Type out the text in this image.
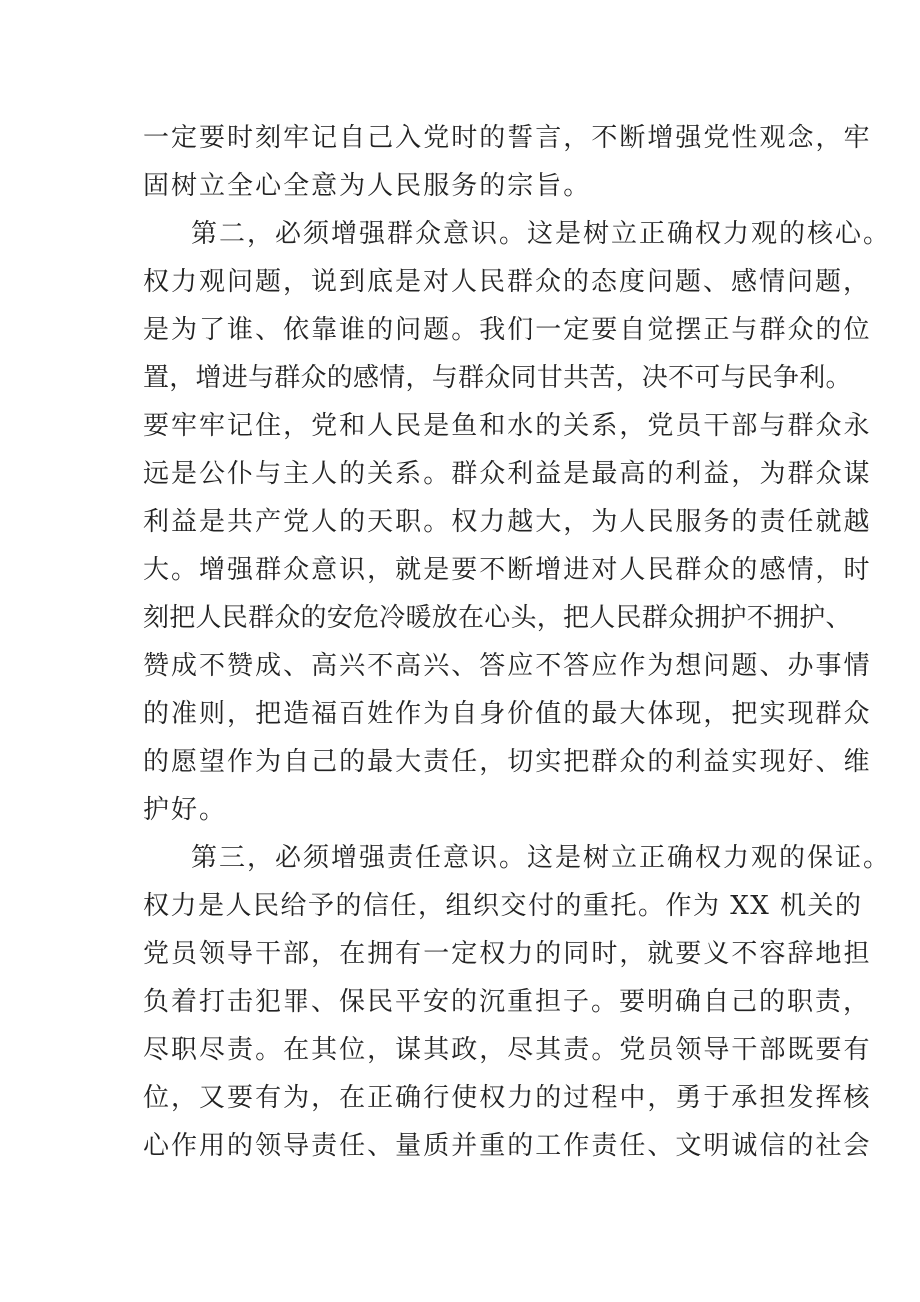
一定要时刻牢记自己入党时的誓言，不断增强党性观念，牢
固树立全心全意为人民服务的宗旨。
第二，必须增强群众意识。这是树立正确权力观的核心。
权力观问题，说到底是对人民群众的态度问题、感情问题，
是为了谁、依靠谁的问题。我们一定要自觉摆正与群众的位
置，增进与群众的感情，与群众同甘共苦，决不可与民争利。
要牢牢记住，党和人民是鱼和水的关系，党员干部与群众永
远是公仆与主人的关系。群众利益是最高的利益，为群众谋
利益是共产党人的天职。权力越大，为人民服务的责任就越
大。增强群众意识，就是要不断增进对人民群众的感情，时
刻把人民群众的安危冷暖放在心头，把人民群众拥护不拥护、
赞成不赞成、高兴不高兴、答应不答应作为想问题、办事情
的准则，把造福百姓作为自身价值的最大体现，把实现群众
的愿望作为自己的最大责任，切实把群众的利益实现好、维
护好。
第三，必须增强责任意识。这是树立正确权力观的保证。
权力是人民给予的信任，组织交付的重托。作为 XX 机关的
党员领导干部，在拥有一定权力的同时，就要义不容辞地担
负着打击犯罪、保民平安的沉重担子。要明确自己的职责，
尽职尽责。在其位，谋其政，尽其责。党员领导干部既要有
位，又要有为，在正确行使权力的过程中，勇于承担发挥核
心作用的领导责任、量质并重的工作责任、文明诚信的社会
